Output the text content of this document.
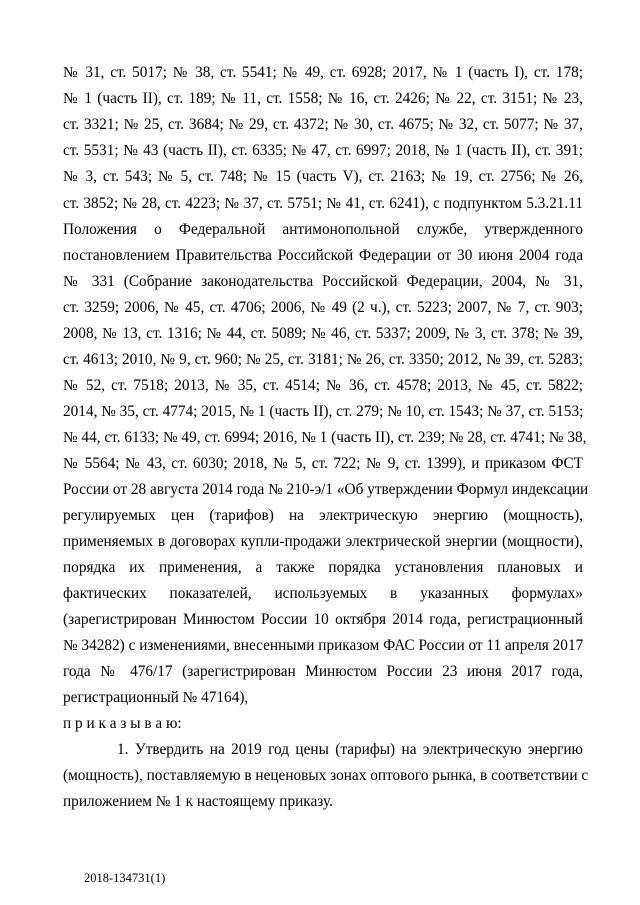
№ 31, ст. 5017; № 38, ст. 5541; № 49, ст. 6928; 2017, № 1 (часть I), ст. 178;
№ 1 (часть II), ст. 189; № 11, ст. 1558; № 16, ст. 2426; № 22, ст. 3151; № 23,
ст. 3321; № 25, ст. 3684; № 29, ст. 4372; № 30, ст. 4675; № 32, ст. 5077; № 37,
ст. 5531; № 43 (часть II), ст. 6335; № 47, ст. 6997; 2018, № 1 (часть II), ст. 391;
№ 3, ст. 543; № 5, ст. 748; № 15 (часть V), ст. 2163; № 19, ст. 2756; № 26,
ст. 3852; № 28, ст. 4223; № 37, ст. 5751; № 41, ст. 6241), с подпунктом 5.3.21.11
Положения о Федеральной антимонопольной службе, утвержденного
постановлением Правительства Российской Федерации от 30 июня 2004 года
№ 331 (Собрание законодательства Российской Федерации, 2004, № 31,
ст. 3259; 2006, № 45, ст. 4706; 2006, № 49 (2 ч.), ст. 5223; 2007, № 7, ст. 903;
2008, № 13, ст. 1316; № 44, ст. 5089; № 46, ст. 5337; 2009, № 3, ст. 378; № 39,
ст. 4613; 2010, № 9, ст. 960; № 25, ст. 3181; № 26, ст. 3350; 2012, № 39, ст. 5283;
№ 52, ст. 7518; 2013, № 35, ст. 4514; № 36, ст. 4578; 2013, № 45, ст. 5822;
2014, № 35, ст. 4774; 2015, № 1 (часть II), ст. 279; № 10, ст. 1543; № 37, ст. 5153;
№ 44, ст. 6133; № 49, ст. 6994; 2016, № 1 (часть II), ст. 239; № 28, ст. 4741; № 38,
№ 5564; № 43, ст. 6030; 2018, № 5, ст. 722; № 9, ст. 1399), и приказом ФСТ
России от 28 августа 2014 года № 210-э/1 «Об утверждении Формул индексации
регулируемых цен (тарифов) на электрическую энергию (мощность),
применяемых в договорах купли-продажи электрической энергии (мощности),
порядка их применения, а также порядка установления плановых и
фактических показателей, используемых в указанных формулах»
(зарегистрирован Минюстом России 10 октября 2014 года, регистрационный
№ 34282) с изменениями, внесенными приказом ФАС России от 11 апреля 2017
года № 476/17 (зарегистрирован Минюстом России 23 июня 2017 года,
регистрационный № 47164),
п р и к а з ы в а ю:
1. Утвердить на 2019 год цены (тарифы) на электрическую энергию
(мощность), поставляемую в неценовых зонах оптового рынка, в соответствии с
приложением № 1 к настоящему приказу.
2018-134731(1)
